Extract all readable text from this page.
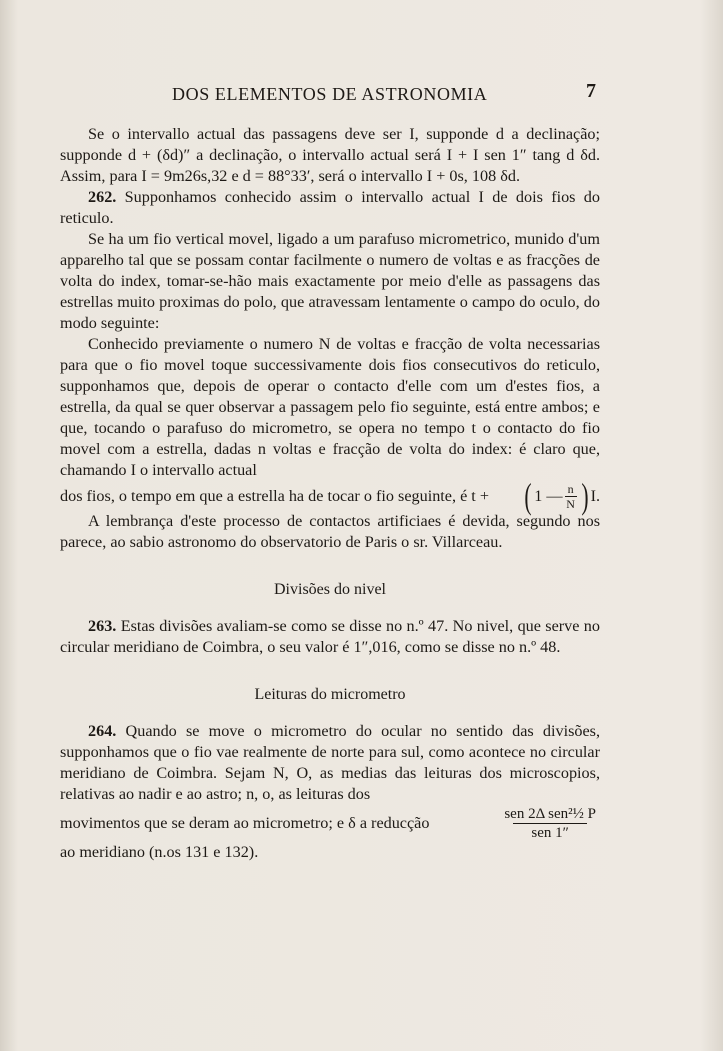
DOS ELEMENTOS DE ASTRONOMIA	7

Se o intervallo actual das passagens deve ser I, supponde d a declinação; supponde d + (δd)″ a declinação, o intervallo actual será I + I sen 1″ tang d δd. Assim, para I = 9m26s,32 e d = 88°33′, será o intervallo I + 0s, 108 δd.

262. Supponhamos conhecido assim o intervallo actual I de dois fios do reticulo.

Se ha um fio vertical movel, ligado a um parafuso micrometrico, munido d'um apparelho tal que se possam contar facilmente o numero de voltas e as fracções de volta do index, tomar-se-hão mais exactamente por meio d'elle as passagens das estrellas muito proximas do polo, que atravessam lentamente o campo do oculo, do modo seguinte:

Conhecido previamente o numero N de voltas e fracção de volta necessarias para que o fio movel toque successivamente dois fios consecutivos do reticulo, supponhamos que, depois de operar o contacto d'elle com um d'estes fios, a estrella, da qual se quer observar a passagem pelo fio seguinte, está entre ambos; e que, tocando o parafuso do micrometro, se opera no tempo t o contacto do fio movel com a estrella, dadas n voltas e fracção de volta do index: é claro que, chamando I o intervallo actual

dos fios, o tempo em que a estrella ha de tocar o fio seguinte, é t + ( 1 — $\frac{n}{N}$ ) I.

A lembrança d'este processo de contactos artificiaes é devida, segundo nos parece, ao sabio astronomo do observatorio de Paris o sr. Villarceau.

Divisões do nivel

263. Estas divisões avaliam-se como se disse no n.º 47. No nivel, que serve no circular meridiano de Coimbra, o seu valor é 1″,016, como se disse no n.º 48.

Leituras do micrometro

264. Quando se move o micrometro do ocular no sentido das divisões, supponhamos que o fio vae realmente de norte para sul, como acontece no circular meridiano de Coimbra. Sejam N, O, as medias das leituras dos microscopios, relativas ao nadir e ao astro; n, o, as leituras dos

movimentos que se deram ao micrometro; e δ a reducção	$\frac{\text{sen 2Δ sen²½ P}}{\text{sen 1″}}$

ao meridiano (n.os 131 e 132).
